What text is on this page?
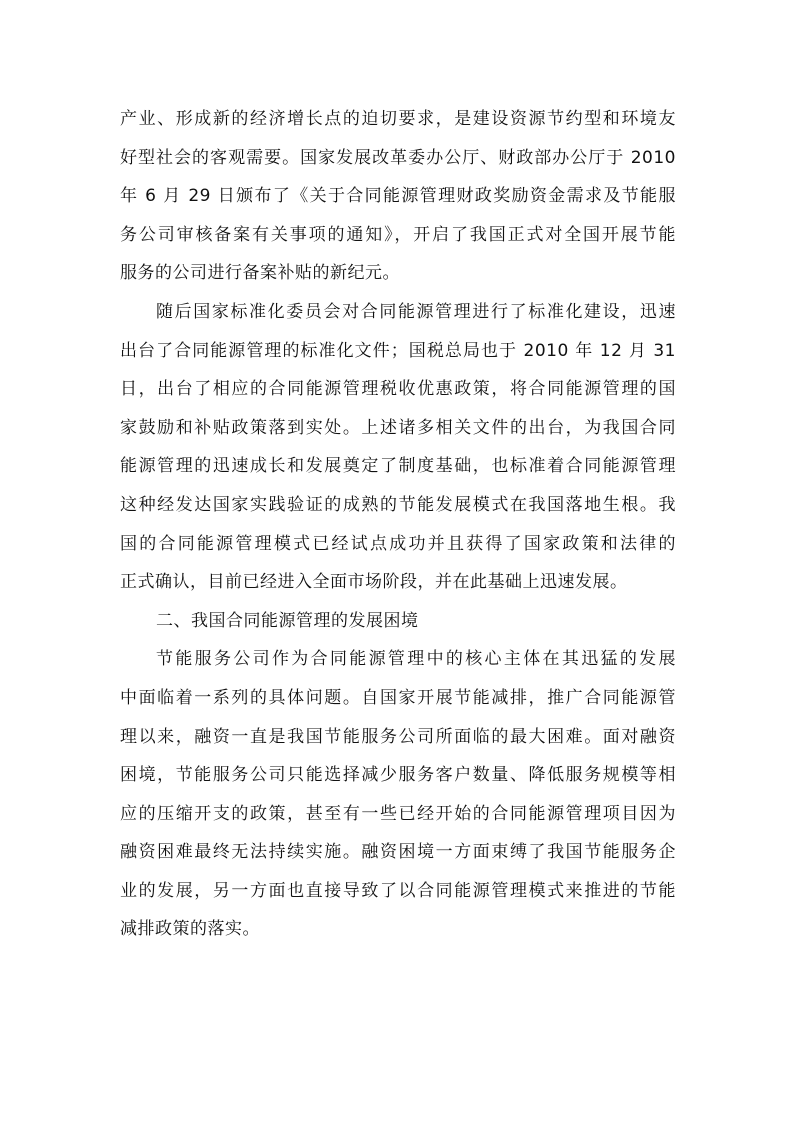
产业、形成新的经济增长点的迫切要求，是建设资源节约型和环境友
好型社会的客观需要。国家发展改革委办公厅、财政部办公厅于 2010
年 6 月 29 日颁布了《关于合同能源管理财政奖励资金需求及节能服
务公司审核备案有关事项的通知》，开启了我国正式对全国开展节能
服务的公司进行备案补贴的新纪元。
随后国家标准化委员会对合同能源管理进行了标准化建设，迅速
出台了合同能源管理的标准化文件；国税总局也于 2010 年 12 月 31
日，出台了相应的合同能源管理税收优惠政策，将合同能源管理的国
家鼓励和补贴政策落到实处。上述诸多相关文件的出台，为我国合同
能源管理的迅速成长和发展奠定了制度基础，也标准着合同能源管理
这种经发达国家实践验证的成熟的节能发展模式在我国落地生根。我
国的合同能源管理模式已经试点成功并且获得了国家政策和法律的
正式确认，目前已经进入全面市场阶段，并在此基础上迅速发展。
二、我国合同能源管理的发展困境
节能服务公司作为合同能源管理中的核心主体在其迅猛的发展
中面临着一系列的具体问题。自国家开展节能减排，推广合同能源管
理以来，融资一直是我国节能服务公司所面临的最大困难。面对融资
困境，节能服务公司只能选择减少服务客户数量、降低服务规模等相
应的压缩开支的政策，甚至有一些已经开始的合同能源管理项目因为
融资困难最终无法持续实施。融资困境一方面束缚了我国节能服务企
业的发展，另一方面也直接导致了以合同能源管理模式来推进的节能
减排政策的落实。
